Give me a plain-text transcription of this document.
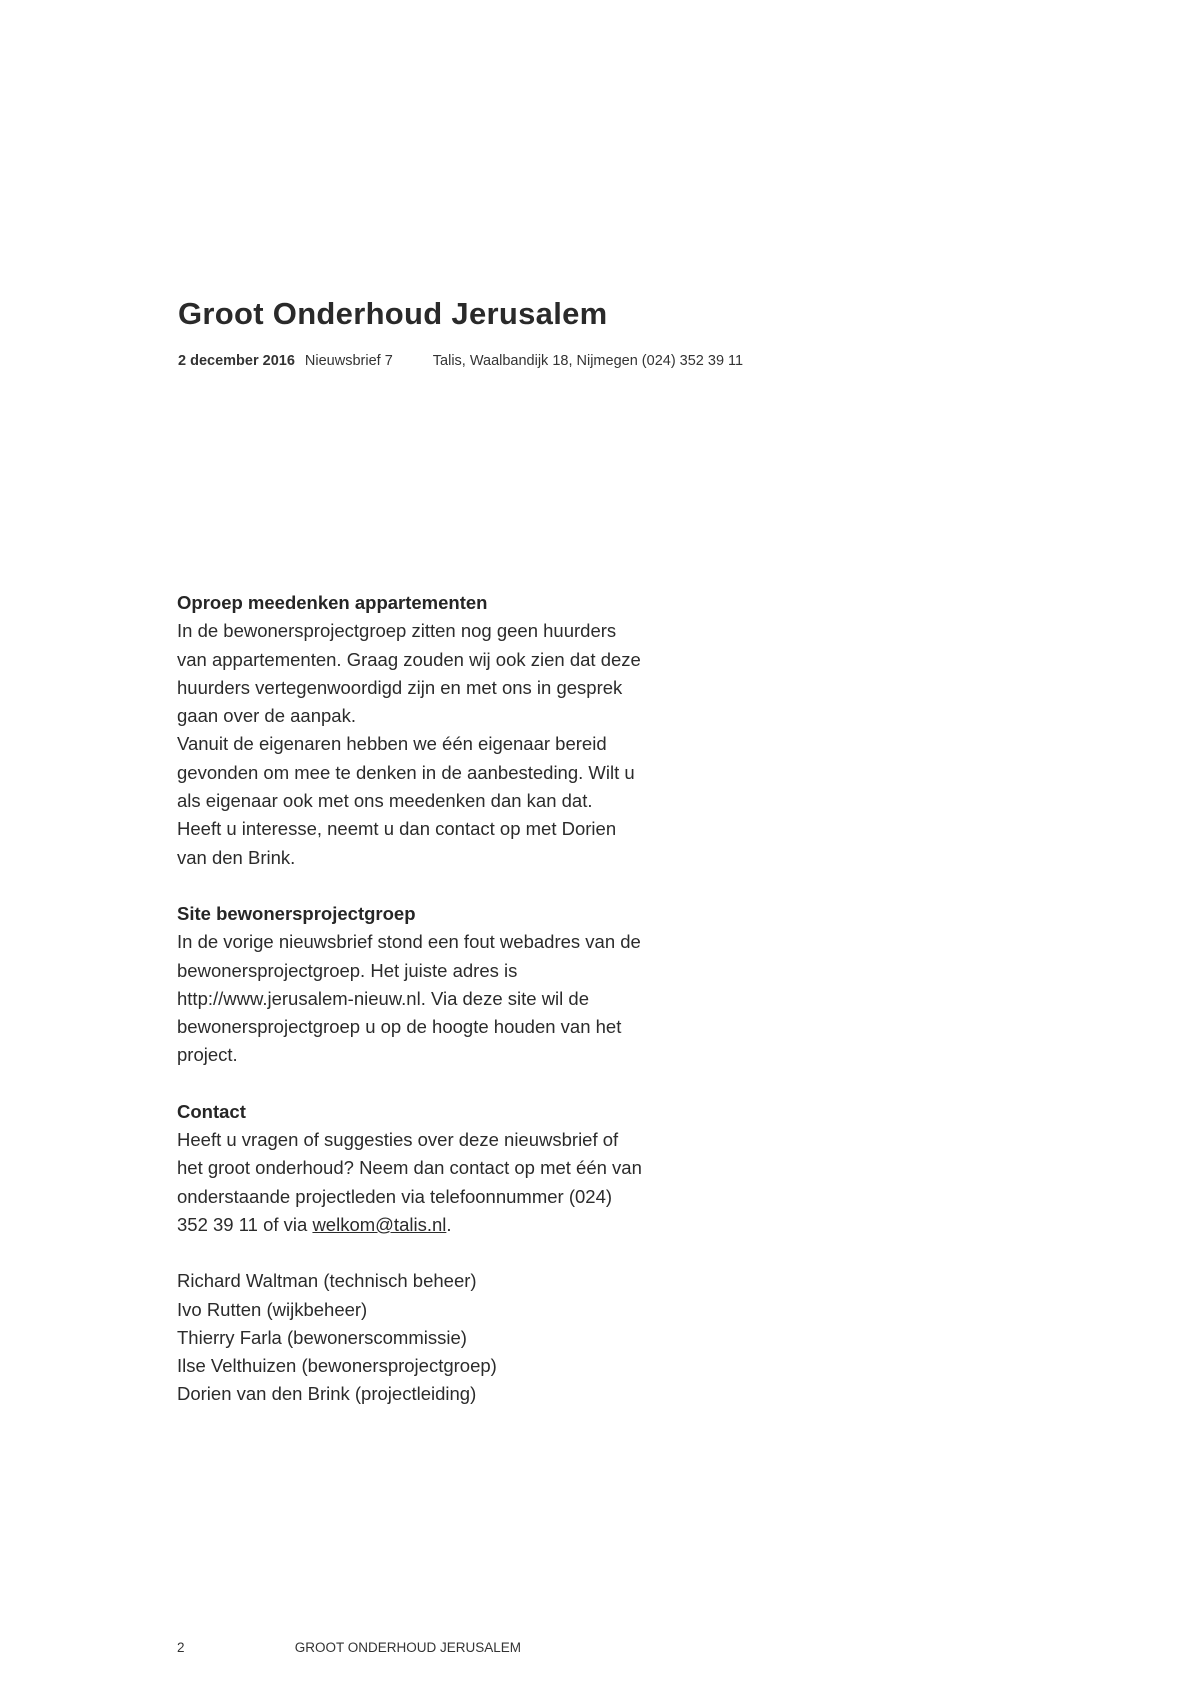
Groot Onderhoud Jerusalem
2 december 2016 Nieuwsbrief 7	Talis, Waalbandijk 18, Nijmegen (024) 352 39 11
Oproep meedenken appartementen

In de bewonersprojectgroep zitten nog geen huurders van appartementen. Graag zouden wij ook zien dat deze huurders vertegenwoordigd zijn en met ons in gesprek gaan over de aanpak.

Vanuit de eigenaren hebben we één eigenaar bereid gevonden om mee te denken in de aanbesteding. Wilt u als eigenaar ook met ons meedenken dan kan dat.

Heeft u interesse, neemt u dan contact op met Dorien van den Brink.

Site bewonersprojectgroep

In de vorige nieuwsbrief stond een fout webadres van de bewonersprojectgroep. Het juiste adres is http://www.jerusalem-nieuw.nl. Via deze site wil de bewonersprojectgroep u op de hoogte houden van het project.

Contact

Heeft u vragen of suggesties over deze nieuwsbrief of het groot onderhoud? Neem dan contact op met één van onderstaande projectleden via telefoonnummer (024) 352 39 11 of via welkom@talis.nl.

Richard Waltman (technisch beheer)
Ivo Rutten (wijkbeheer)
Thierry Farla (bewonerscommissie)
Ilse Velthuizen (bewonersprojectgroep)
Dorien van den Brink (projectleiding)
2	GROOT ONDERHOUD JERUSALEM
